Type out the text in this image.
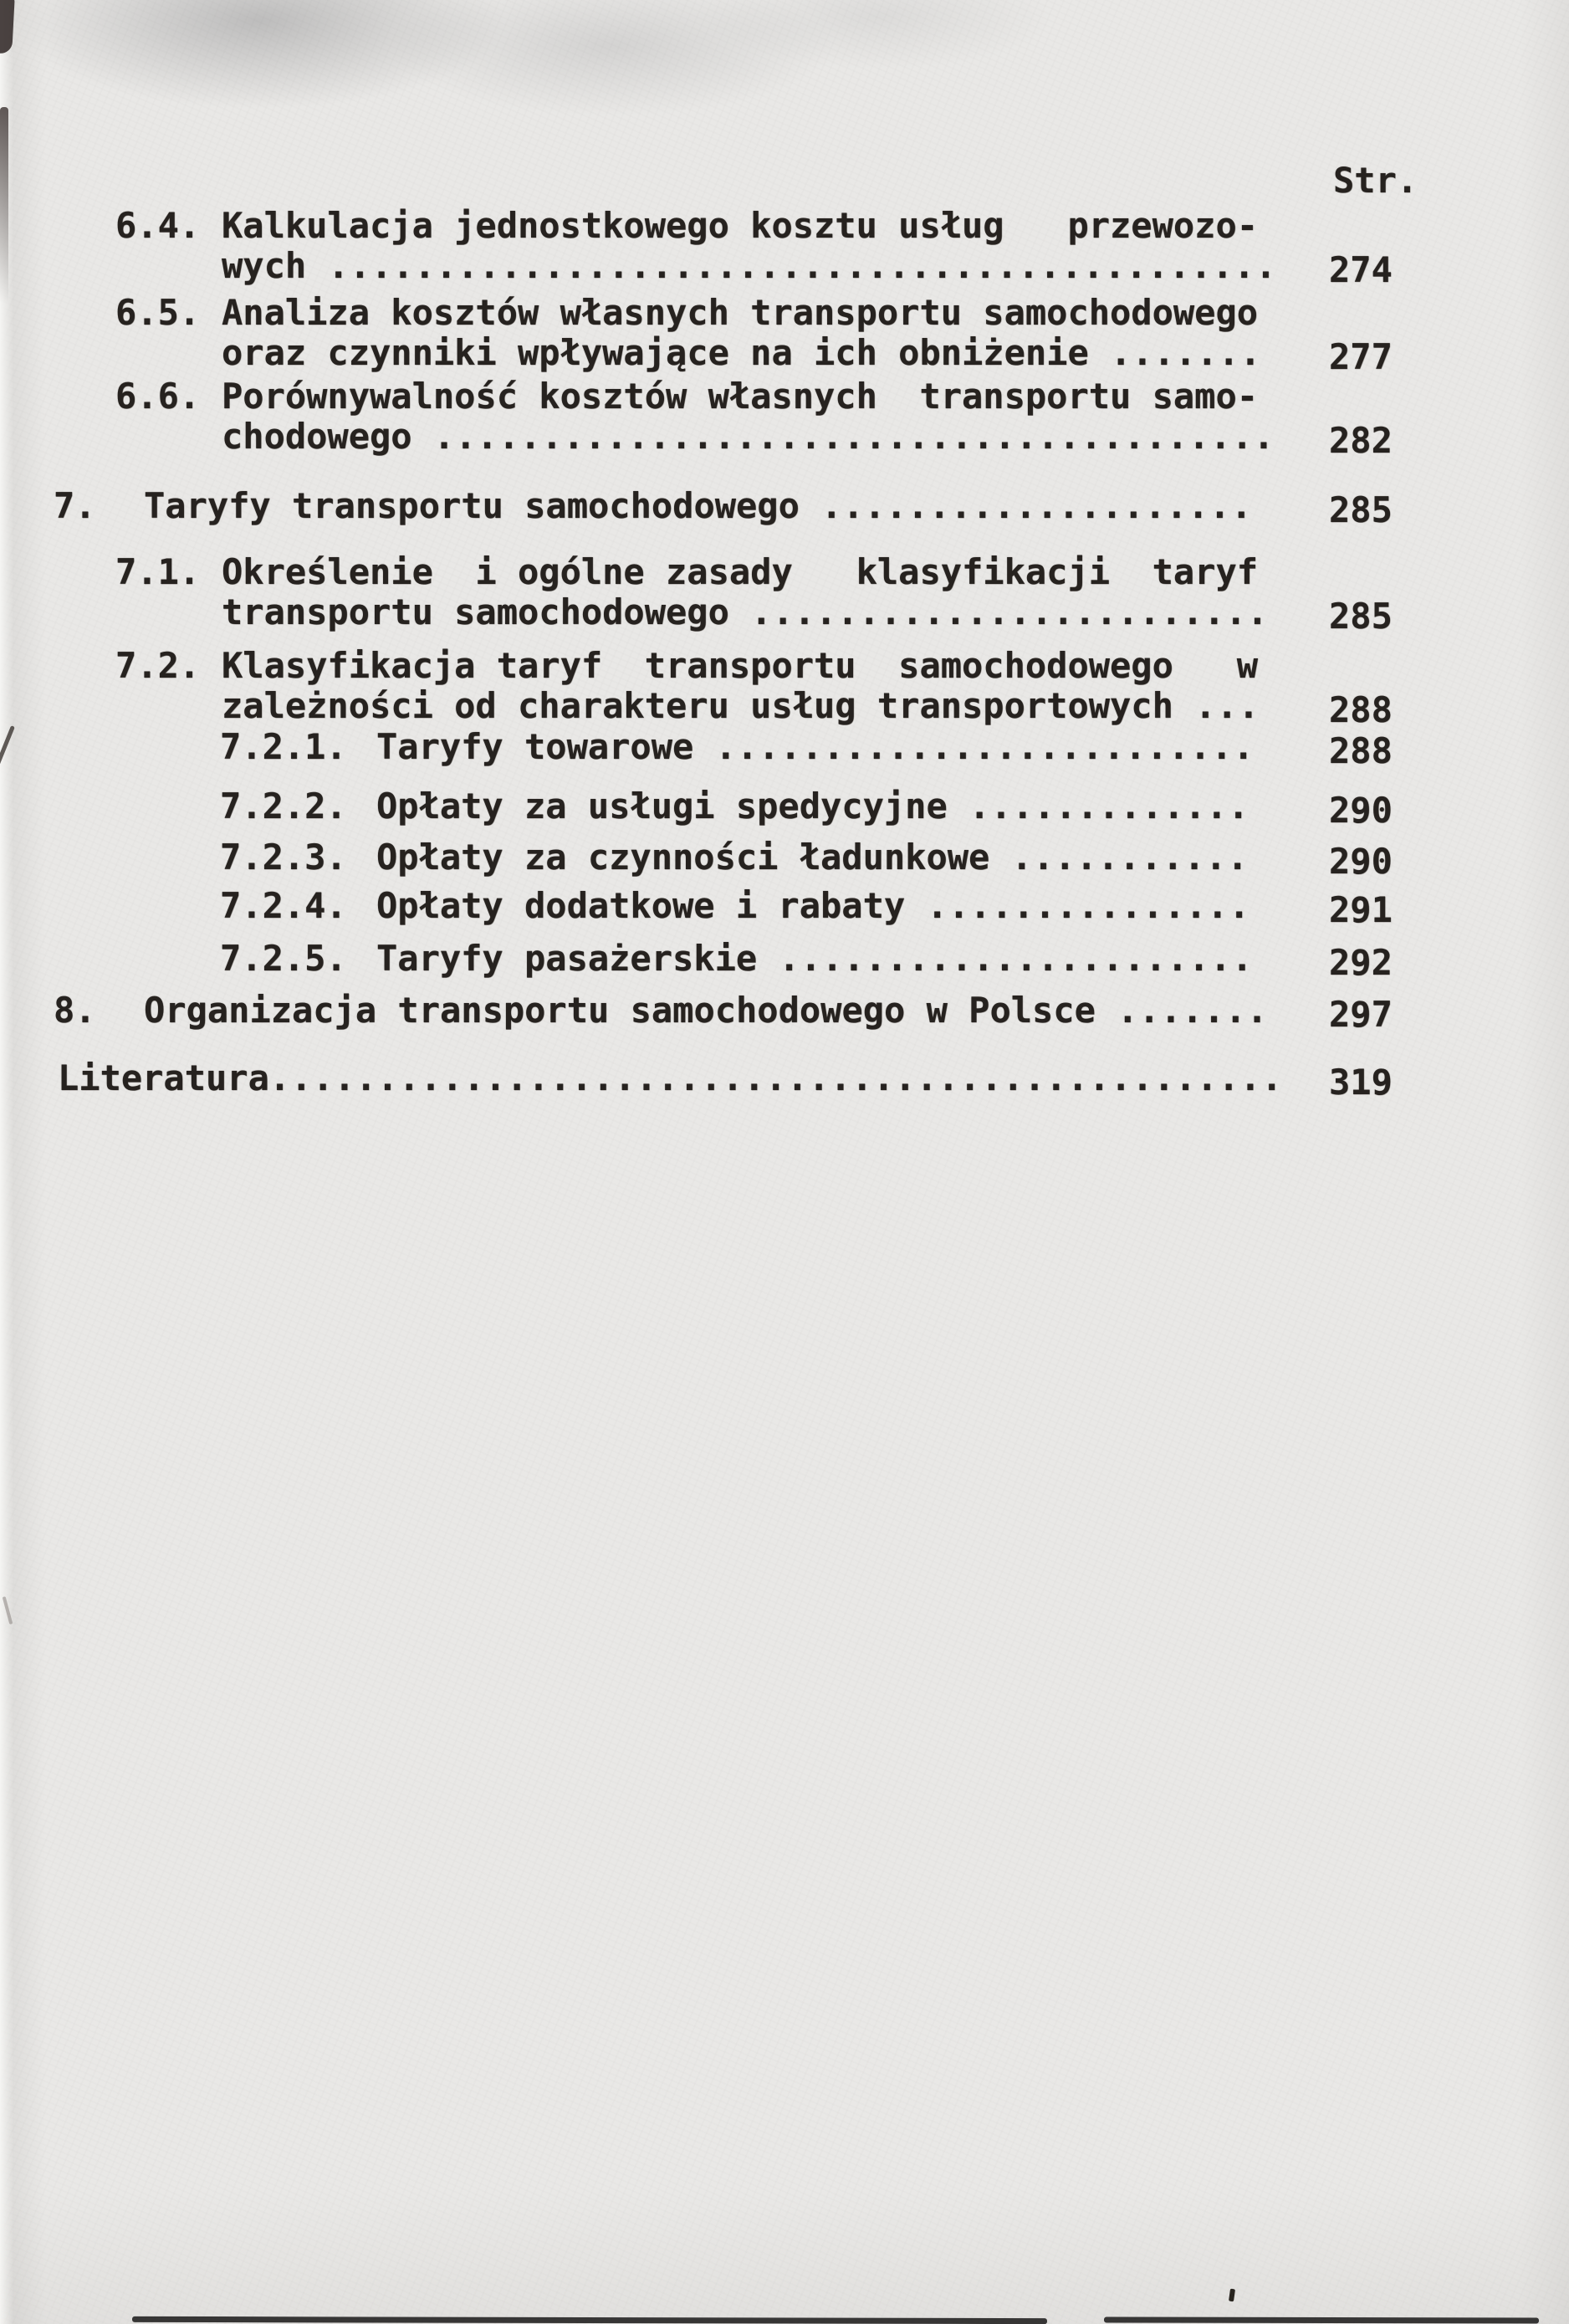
Str.
6.4. Kalkulacja jednostkowego kosztu usług   przewozo-
wych ............................................ 274
6.5. Analiza kosztów własnych transportu samochodowego
oraz czynniki wpływające na ich obniżenie ....... 277
6.6. Porównywalność kosztów własnych  transportu samo-
chodowego ....................................... 282
7. Taryfy transportu samochodowego .................... 285
7.1. Określenie  i ogólne zasady   klasyfikacji  taryf
transportu samochodowego ........................ 285
7.2. Klasyfikacja taryf  transportu  samochodowego   w
zależności od charakteru usług transportowych ... 288
7.2.1. Taryfy towarowe ......................... 288
7.2.2. Opłaty za usługi spedycyjne ............. 290
7.2.3. Opłaty za czynności ładunkowe ........... 290
7.2.4. Opłaty dodatkowe i rabaty ............... 291
7.2.5. Taryfy pasażerskie ...................... 292
8. Organizacja transportu samochodowego w Polsce ....... 297
Literatura............................................... 319
